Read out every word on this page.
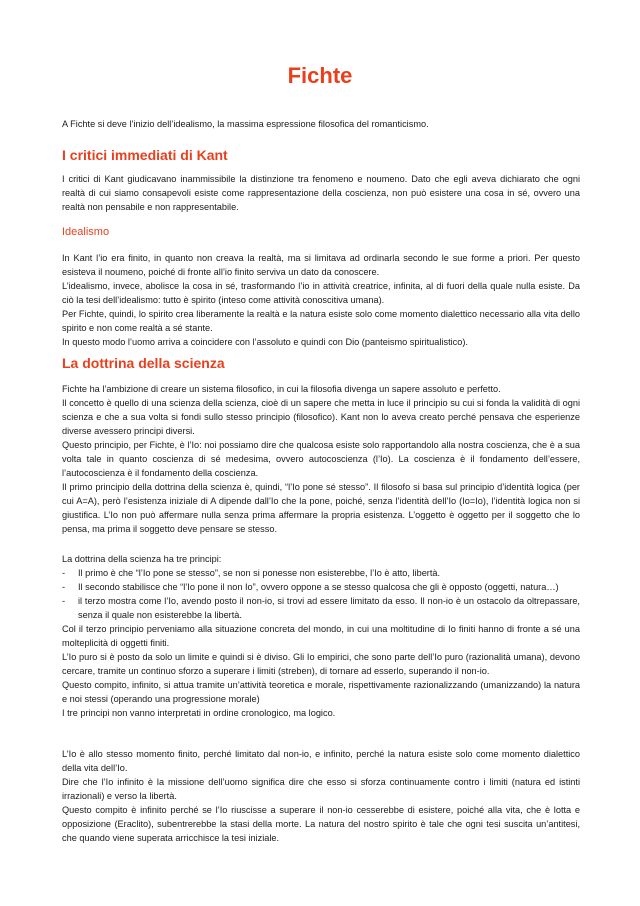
Fichte

A Fichte si deve l’inizio dell’idealismo, la massima espressione filosofica del romanticismo.

I critici immediati di Kant

I critici di Kant giudicavano inammissibile la distinzione tra fenomeno e noumeno. Dato che egli aveva dichiarato che ogni realtà di cui siamo consapevoli esiste come rappresentazione della coscienza, non può esistere una cosa in sé, ovvero una realtà non pensabile e non rappresentabile.

Idealismo

In Kant l’io era finito, in quanto non creava la realtà, ma si limitava ad ordinarla secondo le sue forme a priori. Per questo esisteva il noumeno, poiché di fronte all’io finito serviva un dato da conoscere.

L’idealismo, invece, abolisce la cosa in sé, trasformando l’io in attività creatrice, infinita, al di fuori della quale nulla esiste. Da ciò la tesi dell’idealismo: tutto è spirito (inteso come attività conoscitiva umana).

Per Fichte, quindi, lo spirito crea liberamente la realtà e la natura esiste solo come momento dialettico necessario alla vita dello spirito e non come realtà a sé stante.

In questo modo l’uomo arriva a coincidere con l’assoluto e quindi con Dio (panteismo spiritualistico).

La dottrina della scienza

Fichte ha l’ambizione di creare un sistema filosofico, in cui la filosofia divenga un sapere assoluto e perfetto.

Il concetto è quello di una scienza della scienza, cioè di un sapere che metta in luce il principio su cui si fonda la validità di ogni scienza e che a sua volta si fondi sullo stesso principio (filosofico). Kant non lo aveva creato perché pensava che esperienze diverse avessero principi diversi.

Questo principio, per Fichte, è l’Io: noi possiamo dire che qualcosa esiste solo rapportandolo alla nostra coscienza, che è a sua volta tale in quanto coscienza di sé medesima, ovvero autocoscienza (l’Io). La coscienza è il fondamento dell’essere, l’autocoscienza è il fondamento della coscienza.

Il primo principio della dottrina della scienza è, quindi, “l’Io pone sé stesso”. Il filosofo si basa sul principio d’identità logica (per cui A=A), però l’esistenza iniziale di A dipende dall’Io che la pone, poiché, senza l’identità dell’Io (Io=Io), l’identità logica non si giustifica. L’Io non può affermare nulla senza prima affermare la propria esistenza. L’oggetto è oggetto per il soggetto che lo pensa, ma prima il soggetto deve pensare se stesso.

La dottrina della scienza ha tre principi:

- Il primo è che “l’Io pone se stesso”, se non si ponesse non esisterebbe, l’Io è atto, libertà.

- Il secondo stabilisce che “l’Io pone il non Io”, ovvero oppone a se stesso qualcosa che gli è opposto (oggetti, natura…)

- il terzo mostra come l’Io, avendo posto il non-io, si trovi ad essere limitato da esso. Il non-io è un ostacolo da oltrepassare, senza il quale non esisterebbe la libertà.

Col il terzo principio perveniamo alla situazione concreta del mondo, in cui una moltitudine di Io finiti hanno di fronte a sé una molteplicità di oggetti finiti.

L’Io puro si è posto da solo un limite e quindi si è diviso. Gli Io empirici, che sono parte dell’Io puro (razionalità umana), devono cercare, tramite un continuo sforzo a superare i limiti (streben), di tornare ad esserlo, superando il non-io.

Questo compito, infinito, si attua tramite un’attività teoretica e morale, rispettivamente razionalizzando (umanizzando) la natura e noi stessi (operando una progressione morale)

I tre principi non vanno interpretati in ordine cronologico, ma logico.

L’Io è allo stesso momento finito, perché limitato dal non-io, e infinito, perché la natura esiste solo come momento dialettico della vita dell’Io.

Dire che l’Io infinito è la missione dell’uomo significa dire che esso si sforza continuamente contro i limiti (natura ed istinti irrazionali) e verso la libertà.

Questo compito è infinito perché se l’Io riuscisse a superare il non-io cesserebbe di esistere, poiché alla vita, che è lotta e opposizione (Eraclito), subentrerebbe la stasi della morte. La natura del nostro spirito è tale che ogni tesi suscita un’antitesi, che quando viene superata arricchisce la tesi iniziale.
